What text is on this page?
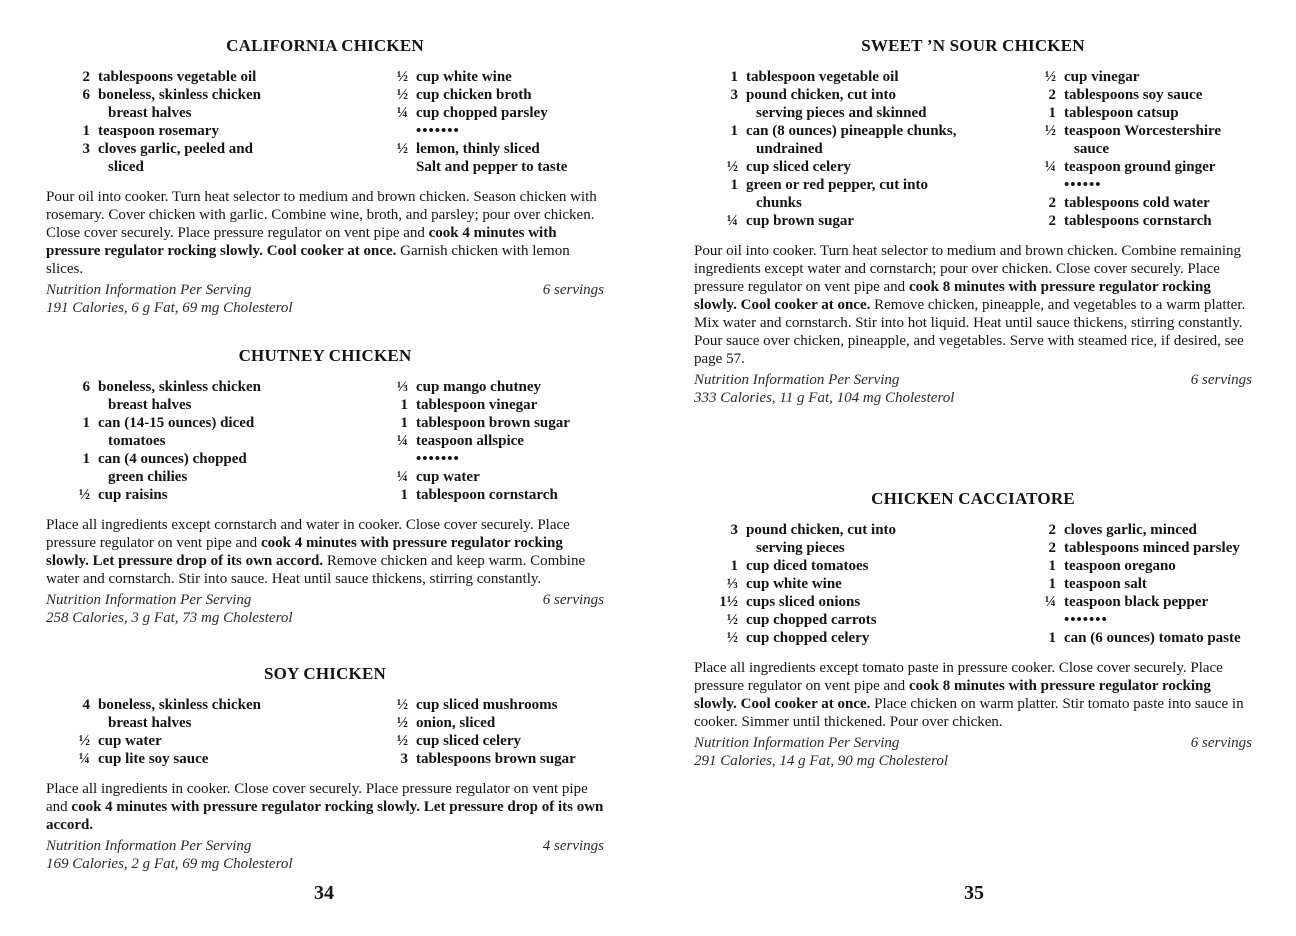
CALIFORNIA CHICKEN
2 tablespoons vegetable oil
6 boneless, skinless chicken
breast halves
1 teaspoon rosemary
3 cloves garlic, peeled and
sliced
½ cup white wine
½ cup chicken broth
¼ cup chopped parsley
•••••••
½ lemon, thinly sliced
Salt and pepper to taste
Pour oil into cooker. Turn heat selector to medium and brown chicken. Season chicken with rosemary. Cover chicken with garlic. Combine wine, broth, and parsley; pour over chicken. Close cover securely. Place pressure regulator on vent pipe and cook 4 minutes with pressure regulator rocking slowly. Cool cooker at once. Garnish chicken with lemon slices.
Nutrition Information Per Serving	6 servings
191 Calories, 6 g Fat, 69 mg Cholesterol
CHUTNEY CHICKEN
6 boneless, skinless chicken
breast halves
1 can (14-15 ounces) diced
tomatoes
1 can (4 ounces) chopped
green chilies
½ cup raisins
⅓ cup mango chutney
1 tablespoon vinegar
1 tablespoon brown sugar
¼ teaspoon allspice
•••••••
¼ cup water
1 tablespoon cornstarch
Place all ingredients except cornstarch and water in cooker. Close cover securely. Place pressure regulator on vent pipe and cook 4 minutes with pressure regulator rocking slowly. Let pressure drop of its own accord. Remove chicken and keep warm. Combine water and cornstarch. Stir into sauce. Heat until sauce thickens, stirring constantly.
Nutrition Information Per Serving	6 servings
258 Calories, 3 g Fat, 73 mg Cholesterol
SOY CHICKEN
4 boneless, skinless chicken
breast halves
½ cup water
¼ cup lite soy sauce
½ cup sliced mushrooms
½ onion, sliced
½ cup sliced celery
3 tablespoons brown sugar
Place all ingredients in cooker. Close cover securely. Place pressure regulator on vent pipe and cook 4 minutes with pressure regulator rocking slowly. Let pressure drop of its own accord.
Nutrition Information Per Serving	4 servings
169 Calories, 2 g Fat, 69 mg Cholesterol
34
SWEET ’N SOUR CHICKEN
1 tablespoon vegetable oil
3 pound chicken, cut into
serving pieces and skinned
1 can (8 ounces) pineapple chunks,
undrained
½ cup sliced celery
1 green or red pepper, cut into
chunks
¼ cup brown sugar
½ cup vinegar
2 tablespoons soy sauce
1 tablespoon catsup
½ teaspoon Worcestershire
sauce
¼ teaspoon ground ginger
••••••
2 tablespoons cold water
2 tablespoons cornstarch
Pour oil into cooker. Turn heat selector to medium and brown chicken. Combine remaining ingredients except water and cornstarch; pour over chicken. Close cover securely. Place pressure regulator on vent pipe and cook 8 minutes with pressure regulator rocking slowly. Cool cooker at once. Remove chicken, pineapple, and vegetables to a warm platter. Mix water and cornstarch. Stir into hot liquid. Heat until sauce thickens, stirring constantly. Pour sauce over chicken, pineapple, and vegetables. Serve with steamed rice, if desired, see page 57.
Nutrition Information Per Serving	6 servings
333 Calories, 11 g Fat, 104 mg Cholesterol
CHICKEN CACCIATORE
3 pound chicken, cut into
serving pieces
1 cup diced tomatoes
⅓ cup white wine
1½ cups sliced onions
½ cup chopped carrots
½ cup chopped celery
2 cloves garlic, minced
2 tablespoons minced parsley
1 teaspoon oregano
1 teaspoon salt
¼ teaspoon black pepper
•••••••
1 can (6 ounces) tomato paste
Place all ingredients except tomato paste in pressure cooker. Close cover securely. Place pressure regulator on vent pipe and cook 8 minutes with pressure regulator rocking slowly. Cool cooker at once. Place chicken on warm platter. Stir tomato paste into sauce in cooker. Simmer until thickened. Pour over chicken.
Nutrition Information Per Serving	6 servings
291 Calories, 14 g Fat, 90 mg Cholesterol
35
